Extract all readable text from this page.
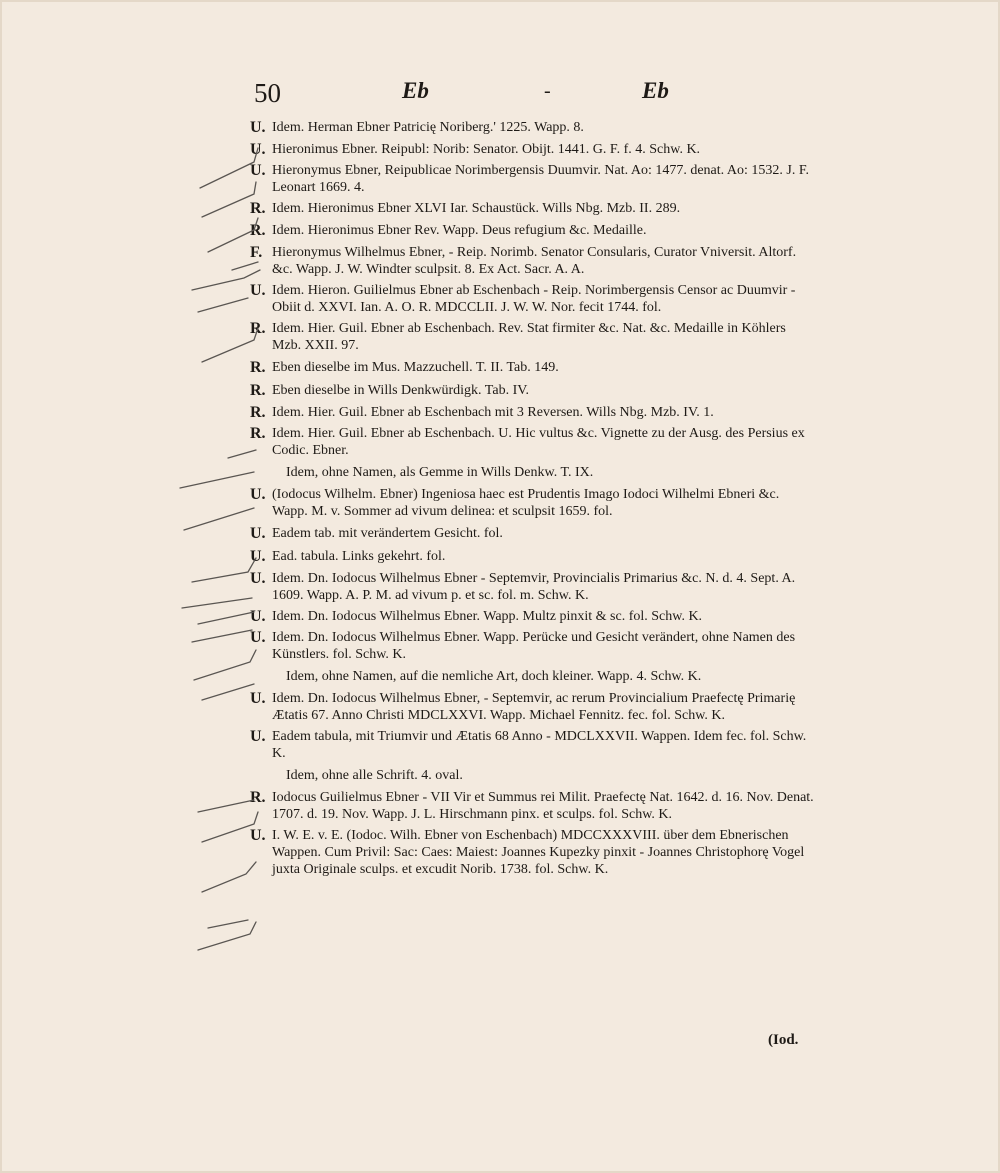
50	Eb	-	Eb
U. Idem. Herman Ebner Patricię Noriberg.' 1225. Wapp. 8.
U. Hieronimus Ebner. Reipubl: Norib: Senator. Obijt. 1441. G. F. f. 4. Schw. K.
U. Hieronymus Ebner, Reipublicae Norimbergensis Duumvir. Nat. Ao: 1477. denat. Ao: 1532. J. F. Leonart 1669. 4.
R. Idem. Hieronimus Ebner XLVI Iar. Schaustück. Wills Nbg. Mzb. II. 289.
R. Idem. Hieronimus Ebner Rev. Wapp. Deus refugium &c. Medaille.
F. Hieronymus Wilhelmus Ebner, - Reip. Norimb. Senator Consularis, Curator Vniversit. Altorf. &c. Wapp. J. W. Windter sculpsit. 8. Ex Act. Sacr. A. A.
U. Idem. Hieron. Guilielmus Ebner ab Eschenbach - Reip. Norimbergensis Censor ac Duumvir - Obiit d. XXVI. Ian. A. O. R. MDCCLII. J. W. W. Nor. fecit 1744. fol.
R. Idem. Hier. Guil. Ebner ab Eschenbach. Rev. Stat firmiter &c. Nat. &c. Medaille in Köhlers Mzb. XXII. 97.
R. Eben dieselbe im Mus. Mazzuchell. T. II. Tab. 149.
R. Eben dieselbe in Wills Denkwürdigk. Tab. IV.
R. Idem. Hier. Guil. Ebner ab Eschenbach mit 3 Reversen. Wills Nbg. Mzb. IV. 1.
R. Idem. Hier. Guil. Ebner ab Eschenbach. U. Hic vultus &c. Vignette zu der Ausg. des Persius ex Codic. Ebner.
Idem, ohne Namen, als Gemme in Wills Denkw. T. IX.
U. (Iodocus Wilhelm. Ebner) Ingeniosa haec est Prudentis Imago Iodoci Wilhelmi Ebneri &c. Wapp. M. v. Sommer ad vivum delinea: et sculpsit 1659. fol.
U. Eadem tab. mit verändertem Gesicht. fol.
U. Ead. tabula. Links gekehrt. fol.
U. Idem. Dn. Iodocus Wilhelmus Ebner - Septemvir, Provincialis Primarius &c. N. d. 4. Sept. A. 1609. Wapp. A. P. M. ad vivum p. et sc. fol. m. Schw. K.
U. Idem. Dn. Iodocus Wilhelmus Ebner. Wapp. Multz pinxit & sc. fol. Schw. K.
U. Idem. Dn. Iodocus Wilhelmus Ebner. Wapp. Perücke und Gesicht verändert, ohne Namen des Künstlers. fol. Schw. K.
Idem, ohne Namen, auf die nemliche Art, doch kleiner. Wapp. 4. Schw. K.
U. Idem. Dn. Iodocus Wilhelmus Ebner, - Septemvir, ac rerum Provincialium Praefectę Primarię Ætatis 67. Anno Christi MDCLXXVI. Wapp. Michael Fennitz. fec. fol. Schw. K.
U. Eadem tabula, mit Triumvir und Ætatis 68 Anno - MDCLXXVII. Wappen. Idem fec. fol. Schw. K.
Idem, ohne alle Schrift. 4. oval.
R. Iodocus Guilielmus Ebner - VII Vir et Summus rei Milit. Praefectę Nat. 1642. d. 16. Nov. Denat. 1707. d. 19. Nov. Wapp. J. L. Hirschmann pinx. et sculps. fol. Schw. K.
U. I. W. E. v. E. (Iodoc. Wilh. Ebner von Eschenbach) MDCCXXXVIII. über dem Ebnerischen Wappen. Cum Privil: Sac: Caes: Maiest: Joannes Kupezky pinxit - Joannes Christophorę Vogel juxta Originale sculps. et excudit Norib. 1738. fol. Schw. K.
(Iod.
